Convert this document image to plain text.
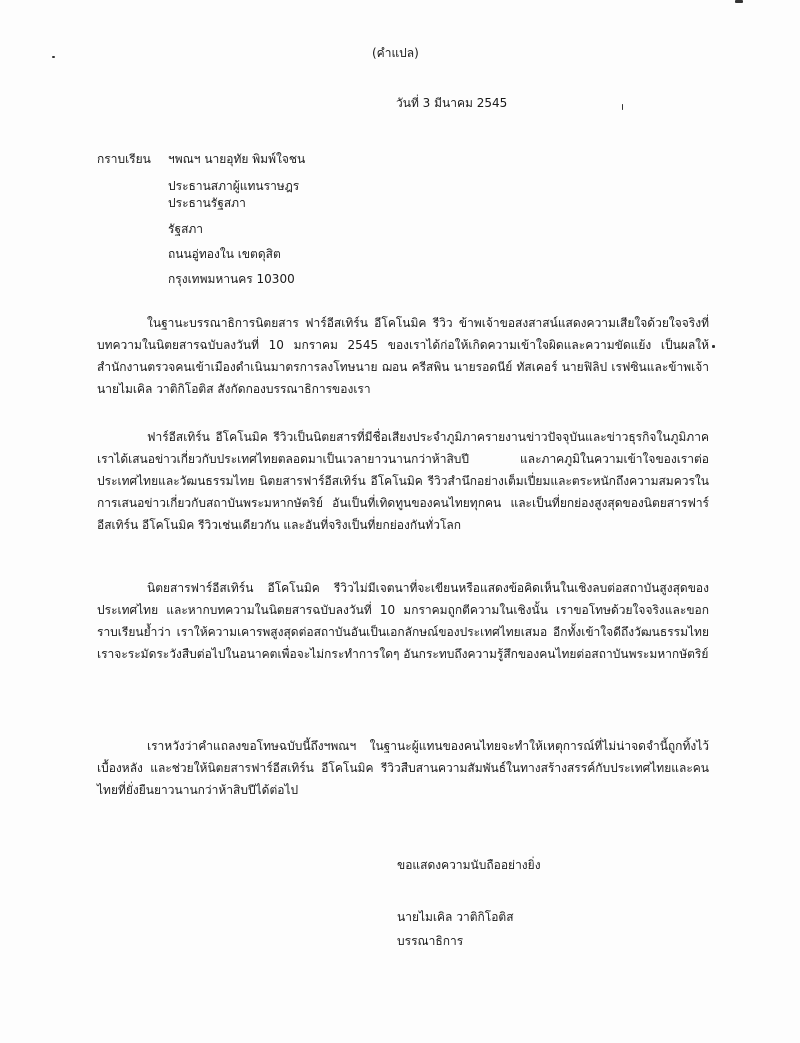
(คำแปล)
วันที่ 3 มีนาคม 2545
กราบเรียน ฯพณฯ นายอุทัย พิมพ์ใจชน
ประธานสภาผู้แทนราษฎร
ประธานรัฐสภา
รัฐสภา
ถนนอู่ทองใน เขตดุสิต
กรุงเทพมหานคร 10300

ในฐานะบรรณาธิการนิตยสาร ฟาร์อีสเทิร์น อีโคโนมิค รีวิว ข้าพเจ้าขอสงสาสน์แสดงความเสียใจด้วยใจจริงที่บทความในนิตยสารฉบับลงวันที่ 10 มกราคม 2545 ของเราได้ก่อให้เกิดความเข้าใจผิดและความขัดแย้ง เป็นผลให้สำนักงานตรวจคนเข้าเมืองดำเนินมาตรการลงโทษนาย ฌอน ครีสพิน นายรอดนีย์ ทัสเคอร์ นายฟิลิป เรฟซินและข้าพเจ้า นายไมเคิล วาติกิโอติส สังกัดกองบรรณาธิการของเรา

ฟาร์อีสเทิร์น อีโคโนมิค รีวิวเป็นนิตยสารที่มีชื่อเสียงประจำภูมิภาครายงานข่าวปัจจุบันและข่าวธุรกิจในภูมิภาค เราได้เสนอข่าวเกี่ยวกับประเทศไทยตลอดมาเป็นเวลายาวนานกว่าห้าสิบปี และภาคภูมิในความเข้าใจของเราต่อประเทศไทยและวัฒนธรรมไทย นิตยสารฟาร์อีสเทิร์น อีโคโนมิค รีวิวสำนึกอย่างเต็มเปี่ยมและตระหนักถึงความสมควรในการเสนอข่าวเกี่ยวกับสถาบันพระมหากษัตริย์ อันเป็นที่เทิดทูนของคนไทยทุกคน และเป็นที่ยกย่องสูงสุดของนิตยสารฟาร์อีสเทิร์น อีโคโนมิค รีวิวเช่นเดียวกัน และอันที่จริงเป็นที่ยกย่องกันทั่วโลก

นิตยสารฟาร์อีสเทิร์น อีโคโนมิค รีวิวไม่มีเจตนาที่จะเขียนหรือแสดงข้อคิดเห็นในเชิงลบต่อสถาบันสูงสุดของประเทศไทย และหากบทความในนิตยสารฉบับลงวันที่ 10 มกราคมถูกตีความในเชิงนั้น เราขอโทษด้วยใจจริงและขอกราบเรียนย้ำว่า เราให้ความเคารพสูงสุดต่อสถาบันอันเป็นเอกลักษณ์ของประเทศไทยเสมอ อีกทั้งเข้าใจดีถึงวัฒนธรรมไทย เราจะระมัดระวังสืบต่อไปในอนาคตเพื่อจะไม่กระทำการใดๆ อันกระทบถึงความรู้สึกของคนไทยต่อสถาบันพระมหากษัตริย์

เราหวังว่าคำแถลงขอโทษฉบับนี้ถึงฯพณฯ ในฐานะผู้แทนของคนไทยจะทำให้เหตุการณ์ที่ไม่น่าจดจำนี้ถูกทิ้งไว้เบื้องหลัง และช่วยให้นิตยสารฟาร์อีสเทิร์น อีโคโนมิค รีวิวสืบสานความสัมพันธ์ในทางสร้างสรรค์กับประเทศไทยและคนไทยที่ยั่งยืนยาวนานกว่าห้าสิบปีได้ต่อไป

ขอแสดงความนับถืออย่างยิ่ง
นายไมเคิล วาติกิโอติส
บรรณาธิการ
